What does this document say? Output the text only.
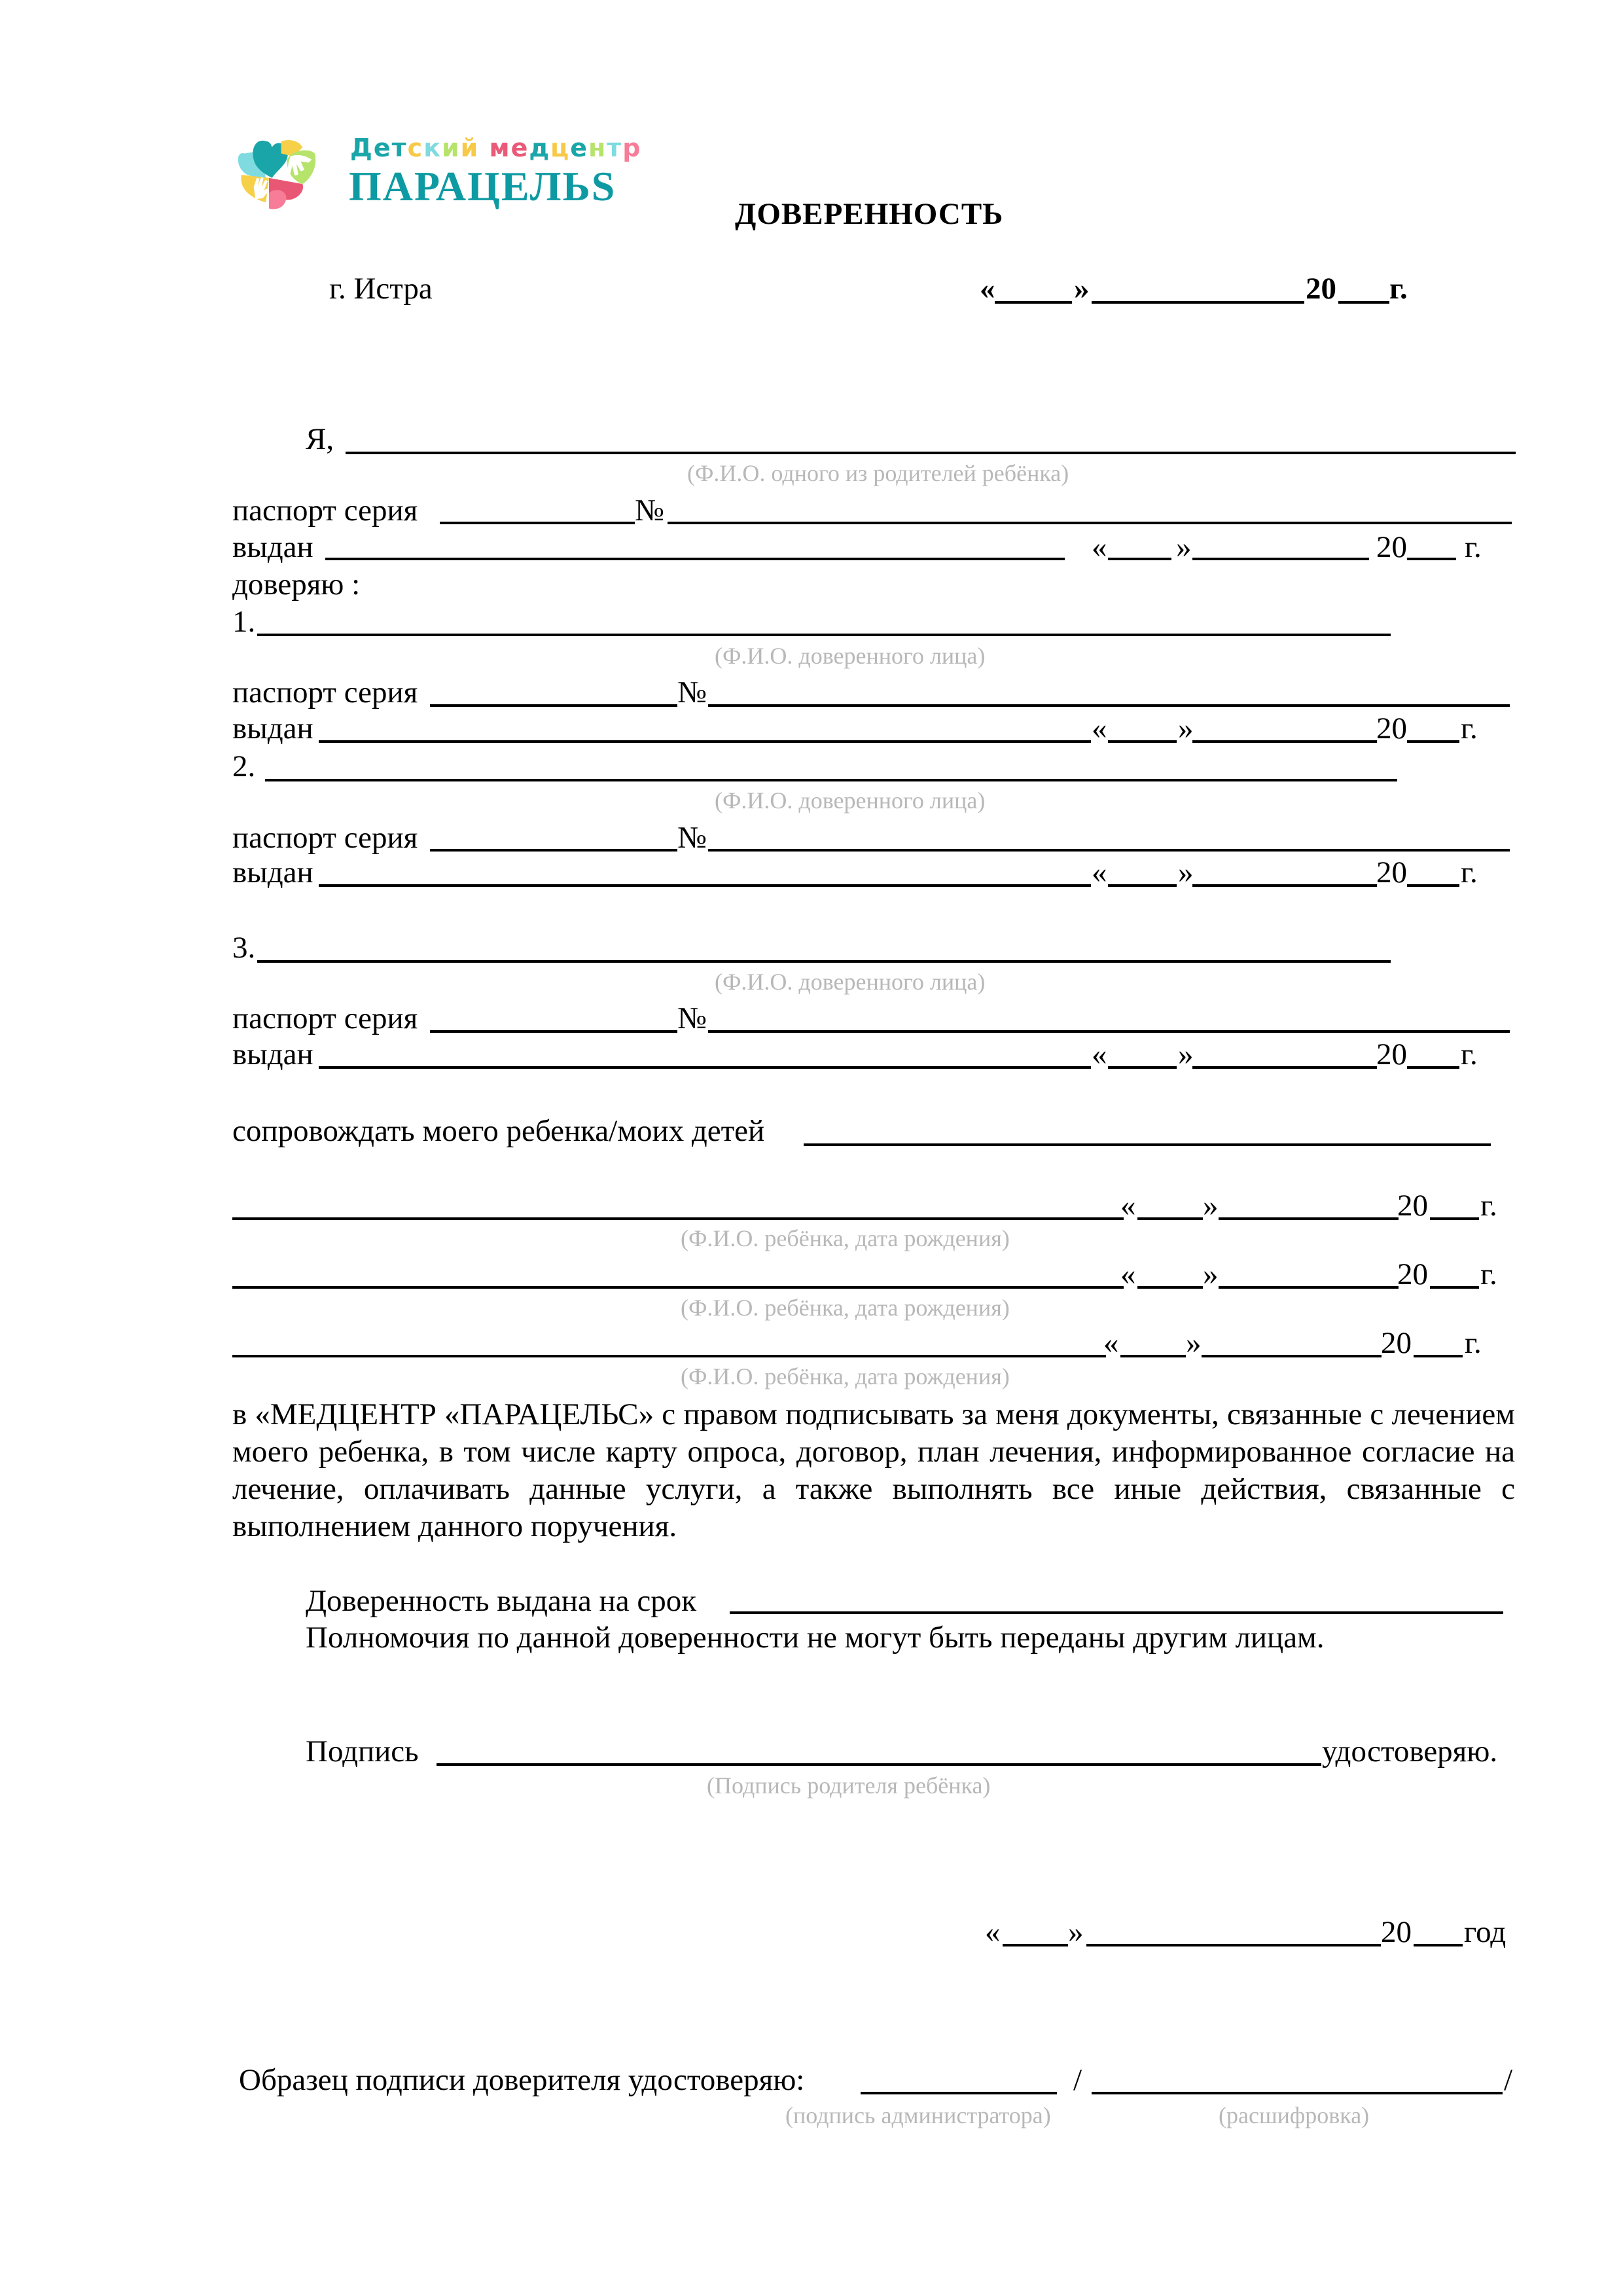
Детский медцентр
ПАРАЦЕЛЬS
ДОВЕРЕННОСТЬ
г. Истра	«	»	20 г.
Я,
(Ф.И.О. одного из родителей ребёнка)
паспорт серия	№
выдан	« »	20 г.
доверяю :
1.
(Ф.И.О. доверенного лица)
паспорт серия	№
выдан	« »	20 г.
2.
(Ф.И.О. доверенного лица)
паспорт серия	№
выдан	« »	20 г.
3.
(Ф.И.О. доверенного лица)
паспорт серия	№
выдан	« »	20 г.
сопровождать моего ребенка/моих детей
« »	20 г.
(Ф.И.О. ребёнка, дата рождения)
« »	20 г.
(Ф.И.О. ребёнка, дата рождения)
« »	20 г.
(Ф.И.О. ребёнка, дата рождения)
в «МЕДЦЕНТР «ПАРАЦЕЛЬС» с правом подписывать за меня документы, связанные с лечением моего ребенка, в том числе карту опроса, договор, план лечения, информированное согласие на лечение, оплачивать данные услуги, а также выполнять все иные действия, связанные с выполнением данного поручения.
Доверенность выдана на срок
Полномочия по данной доверенности не могут быть переданы другим лицам.
Подпись	удостоверяю.
(Подпись родителя ребёнка)
« »	20 год
Образец подписи доверителя удостоверяю:	/	/
(подпись администратора)	(расшифровка)
